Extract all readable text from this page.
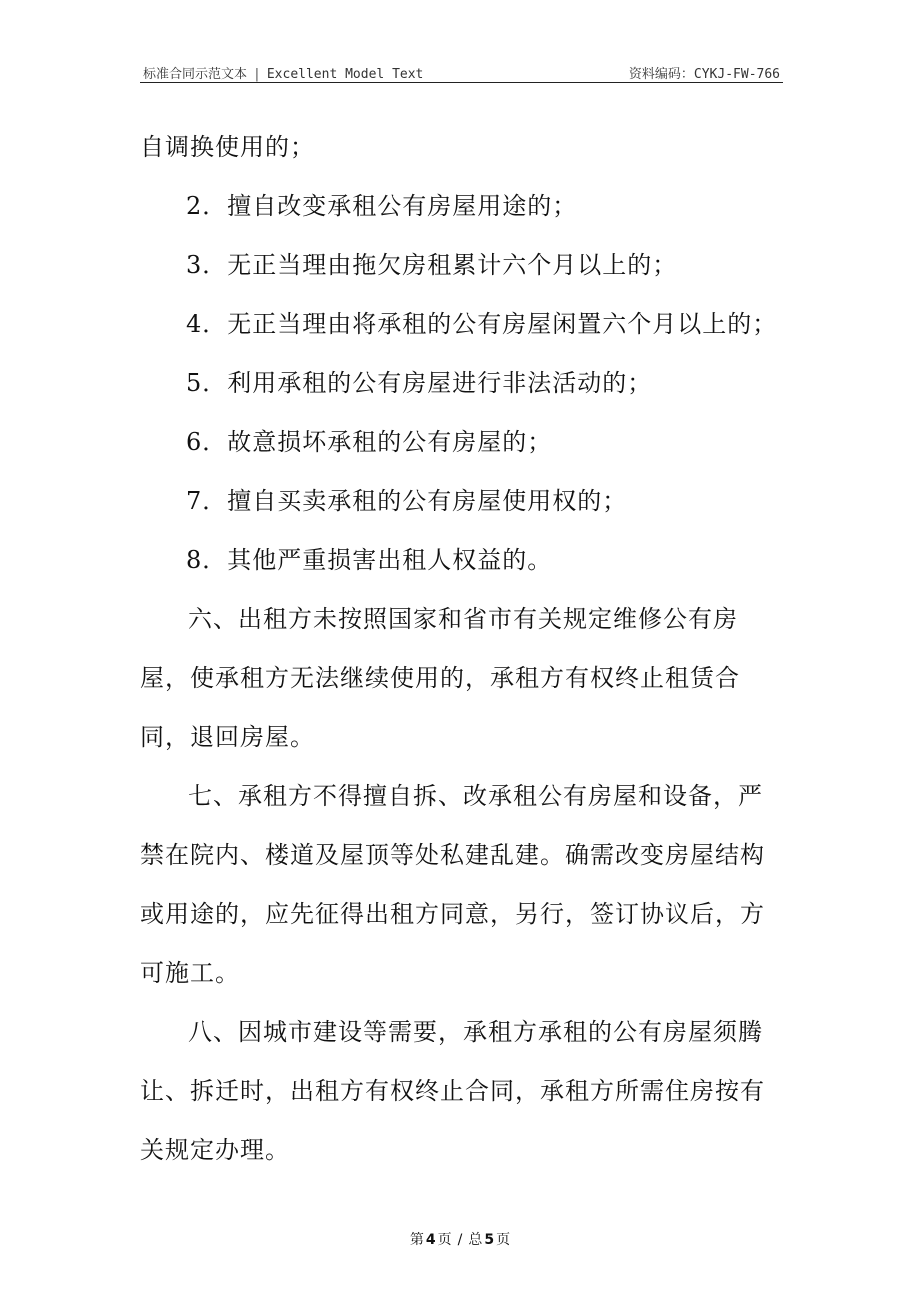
标准合同示范文本 | Excellent Model Text	资料编码：CYKJ-FW-766

自调换使用的；

2．擅自改变承租公有房屋用途的；

3．无正当理由拖欠房租累计六个月以上的；

4．无正当理由将承租的公有房屋闲置六个月以上的；

5．利用承租的公有房屋进行非法活动的；

6．故意损坏承租的公有房屋的；

7．擅自买卖承租的公有房屋使用权的；

8．其他严重损害出租人权益的。

六、出租方未按照国家和省市有关规定维修公有房屋，使承租方无法继续使用的，承租方有权终止租赁合同，退回房屋。

七、承租方不得擅自拆、改承租公有房屋和设备，严禁在院内、楼道及屋顶等处私建乱建。确需改变房屋结构或用途的，应先征得出租方同意，另行，签订协议后，方可施工。

八、因城市建设等需要，承租方承租的公有房屋须腾让、拆迁时，出租方有权终止合同，承租方所需住房按有关规定办理。

第 4 页 / 总 5 页
